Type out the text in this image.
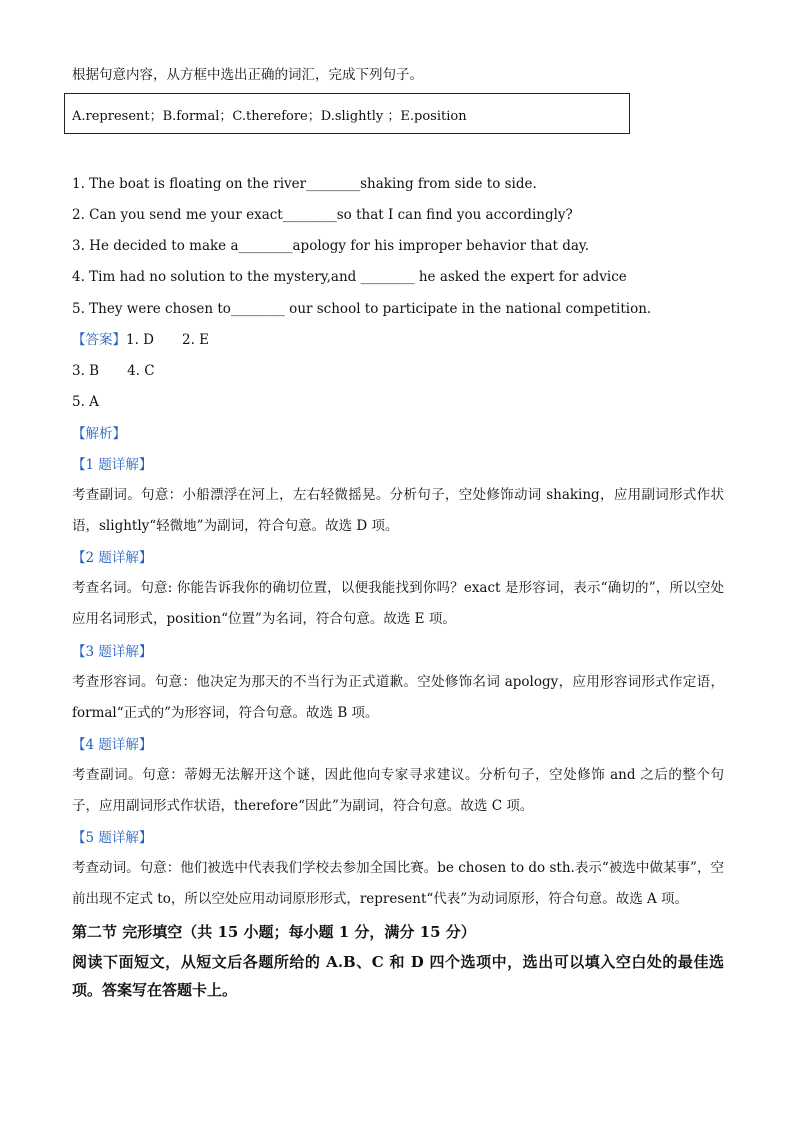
根据句意内容，从方框中选出正确的词汇，完成下列句子。
A.represent；B.formal；C.therefore；D.slightly ；E.position
1. The boat is floating on the river________shaking from side to side.
2. Can you send me your exact________so that I can find you accordingly?
3. He decided to make a________apology for his improper behavior that day.
4. Tim had no solution to the mystery,and ________ he asked the expert for advice
5. They were chosen to________ our school to participate in the national competition.
【答案】1. D 2. E
3. B 4. C
5. A
【解析】
【1 题详解】
考查副词。句意：小船漂浮在河上，左右轻微摇晃。分析句子，空处修饰动词 shaking，应用副词形式作状语，slightly“轻微地”为副词，符合句意。故选 D 项。
【2 题详解】
考查名词。句意: 你能告诉我你的确切位置，以便我能找到你吗？exact 是形容词，表示“确切的”，所以空处应用名词形式，position“位置”为名词，符合句意。故选 E 项。
【3 题详解】
考查形容词。句意：他决定为那天的不当行为正式道歉。空处修饰名词 apology，应用形容词形式作定语，formal“正式的”为形容词，符合句意。故选 B 项。
【4 题详解】
考查副词。句意：蒂姆无法解开这个谜，因此他向专家寻求建议。分析句子，空处修饰 and 之后的整个句子，应用副词形式作状语，therefore“因此”为副词，符合句意。故选 C 项。
【5 题详解】
考查动词。句意：他们被选中代表我们学校去参加全国比赛。be chosen to do sth.表示“被选中做某事”，空前出现不定式 to，所以空处应用动词原形形式，represent“代表”为动词原形，符合句意。故选 A 项。
第二节 完形填空（共 15 小题；每小题 1 分，满分 15 分）
阅读下面短文，从短文后各题所给的 A.B、C 和 D 四个选项中，选出可以填入空白处的最佳选项。答案写在答题卡上。
